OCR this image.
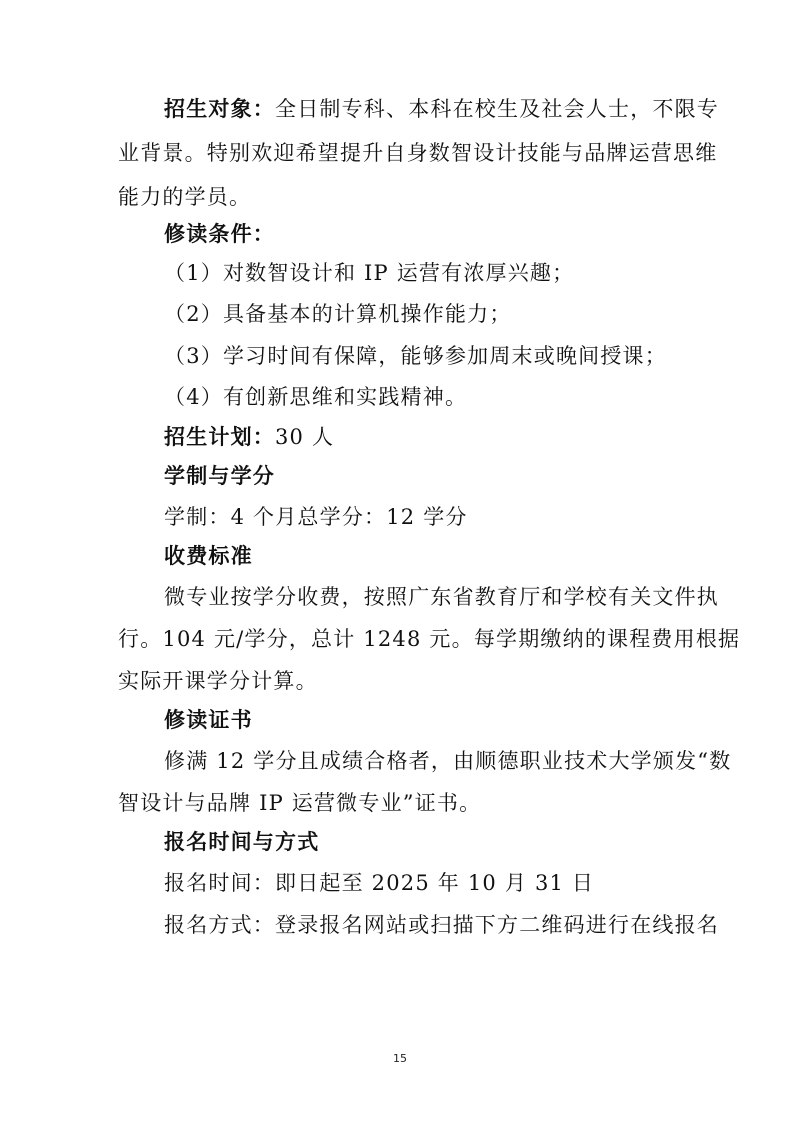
招生对象：全日制专科、本科在校生及社会人士，不限专
业背景。特别欢迎希望提升自身数智设计技能与品牌运营思维
能力的学员。
修读条件：
（1）对数智设计和 IP 运营有浓厚兴趣；
（2）具备基本的计算机操作能力；
（3）学习时间有保障，能够参加周末或晚间授课；
（4）有创新思维和实践精神。
招生计划：30 人
学制与学分
学制：4 个月总学分：12 学分
收费标准
微专业按学分收费，按照广东省教育厅和学校有关文件执
行。104 元/学分，总计 1248 元。每学期缴纳的课程费用根据
实际开课学分计算。
修读证书
修满 12 学分且成绩合格者，由顺德职业技术大学颁发“数
智设计与品牌 IP 运营微专业”证书。
报名时间与方式
报名时间：即日起至 2025 年 10 月 31 日
报名方式：登录报名网站或扫描下方二维码进行在线报名
15
